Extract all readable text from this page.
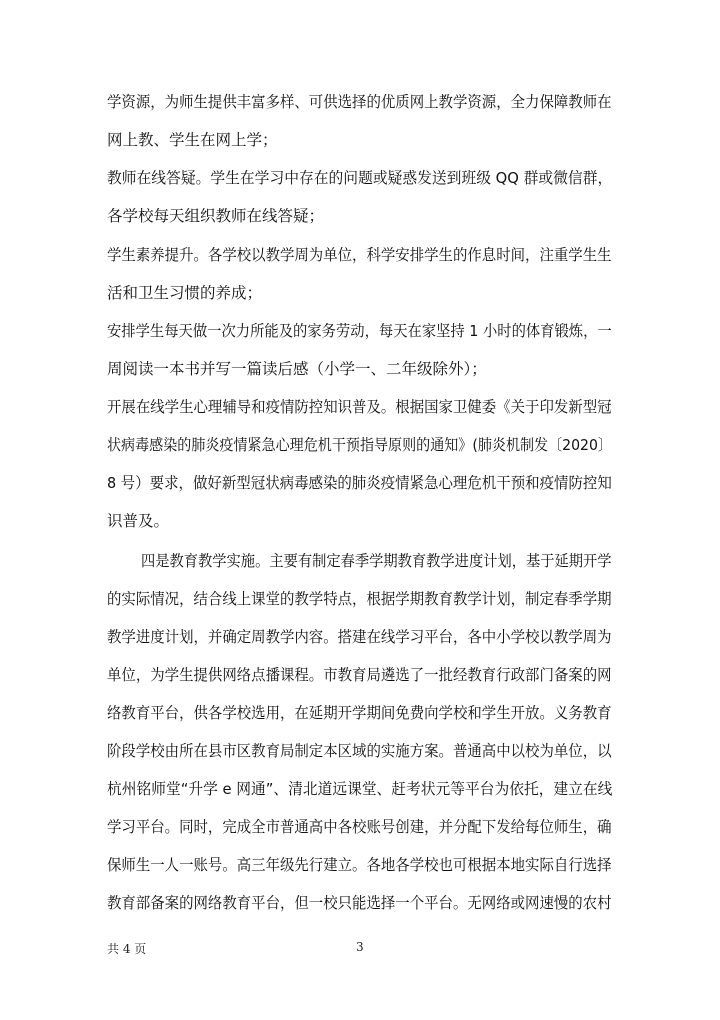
学资源，为师生提供丰富多样、可供选择的优质网上教学资源，全力保障教师在
网上教、学生在网上学；
教师在线答疑。学生在学习中存在的问题或疑惑发送到班级 QQ 群或微信群，
各学校每天组织教师在线答疑；
学生素养提升。各学校以教学周为单位，科学安排学生的作息时间，注重学生生
活和卫生习惯的养成；
安排学生每天做一次力所能及的家务劳动，每天在家坚持 1 小时的体育锻炼，一
周阅读一本书并写一篇读后感（小学一、二年级除外）；
开展在线学生心理辅导和疫情防控知识普及。根据国家卫健委《关于印发新型冠
状病毒感染的肺炎疫情紧急心理危机干预指导原则的通知》(肺炎机制发〔2020〕
8 号）要求，做好新型冠状病毒感染的肺炎疫情紧急心理危机干预和疫情防控知
识普及。
四是教育教学实施。主要有制定春季学期教育教学进度计划，基于延期开学
的实际情况，结合线上课堂的教学特点，根据学期教育教学计划，制定春季学期
教学进度计划，并确定周教学内容。搭建在线学习平台，各中小学校以教学周为
单位，为学生提供网络点播课程。市教育局遴选了一批经教育行政部门备案的网
络教育平台，供各学校选用，在延期开学期间免费向学校和学生开放。义务教育
阶段学校由所在县市区教育局制定本区域的实施方案。普通高中以校为单位，以
杭州铭师堂“升学 e 网通”、清北道远课堂、赶考状元等平台为依托，建立在线
学习平台。同时，完成全市普通高中各校账号创建，并分配下发给每位师生，确
保师生一人一账号。高三年级先行建立。各地各学校也可根据本地实际自行选择
教育部备案的网络教育平台，但一校只能选择一个平台。无网络或网速慢的农村
共 4 页	3
